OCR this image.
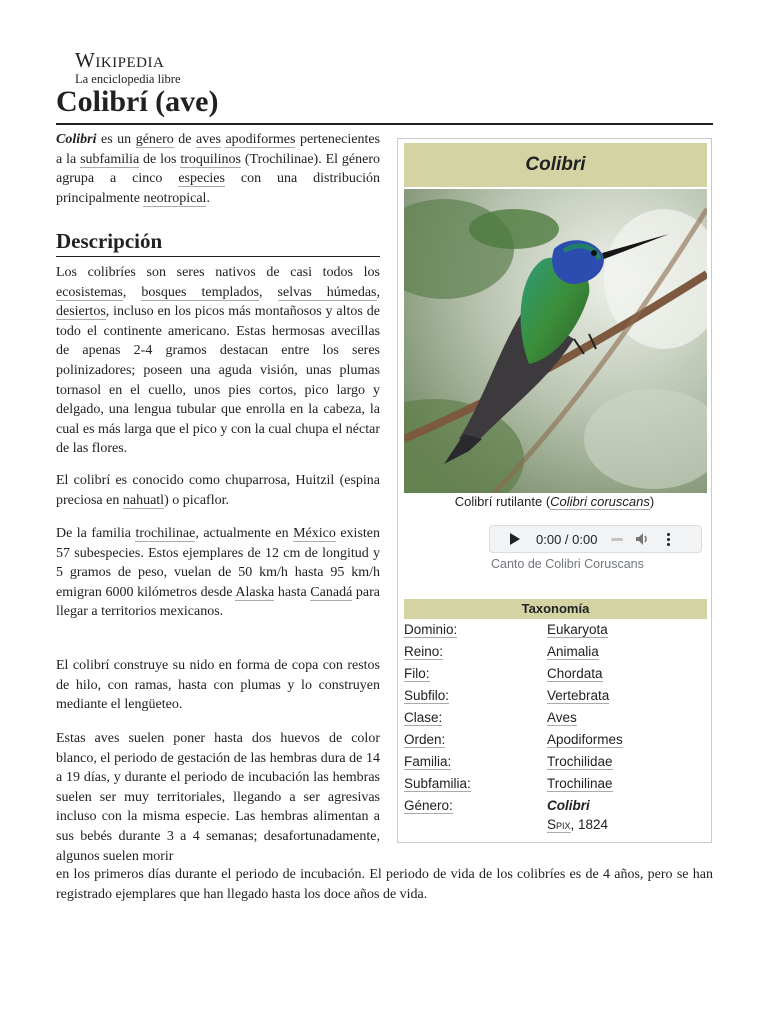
Wikipedia
La enciclopedia libre
Colibrí (ave)

Colibri es un género de aves apodiformes pertenecientes a la subfamilia de los troquilinos (Trochilinae). El género agrupa a cinco especies con una distribución principalmente neotropical.

Descripción

Los colibríes son seres nativos de casi todos los ecosistemas, bosques templados, selvas húmedas, desiertos, incluso en los picos más montañosos y altos de todo el continente americano. Estas hermosas avecillas de apenas 2-4 gramos destacan entre los seres polinizadores; poseen una aguda visión, unas plumas tornasol en el cuello, unos pies cortos, pico largo y delgado, una lengua tubular que enrolla en la cabeza, la cual es más larga que el pico y con la cual chupa el néctar de las flores.

El colibrí es conocido como chuparrosa, Huitzil (espina preciosa en nahuatl) o picaflor.

De la familia trochilinae, actualmente en México existen 57 subespecies. Estos ejemplares de 12 cm de longitud y 5 gramos de peso, vuelan de 50 km/h hasta 95 km/h emigran 6000 kilómetros desde Alaska hasta Canadá para llegar a territorios mexicanos.

El colibrí construye su nido en forma de copa con restos de hilo, con ramas, hasta con plumas y lo construyen mediante el lengüeteo.

Estas aves suelen poner hasta dos huevos de color blanco, el periodo de gestación de las hembras dura de 14 a 19 días, y durante el periodo de incubación las hembras suelen ser muy territoriales, llegando a ser agresivas incluso con la misma especie. Las hembras alimentan a sus bebés durante 3 a 4 semanas; desafortunadamente, algunos suelen morir

en los primeros días durante el periodo de incubación. El periodo de vida de los colibríes es de 4 años, pero se han registrado ejemplares que han llegado hasta los doce años de vida.

Colibri
Colibrí rutilante (Colibri coruscans)
0:00 / 0:00
Canto de Colibri Coruscans
Taxonomía
Dominio:	Eukaryota
Reino:	Animalia
Filo:	Chordata
Subfilo:	Vertebrata
Clase:	Aves
Orden:	Apodiformes
Familia:	Trochilidae
Subfamilia:	Trochilinae
Género:	Colibri
Spix, 1824
